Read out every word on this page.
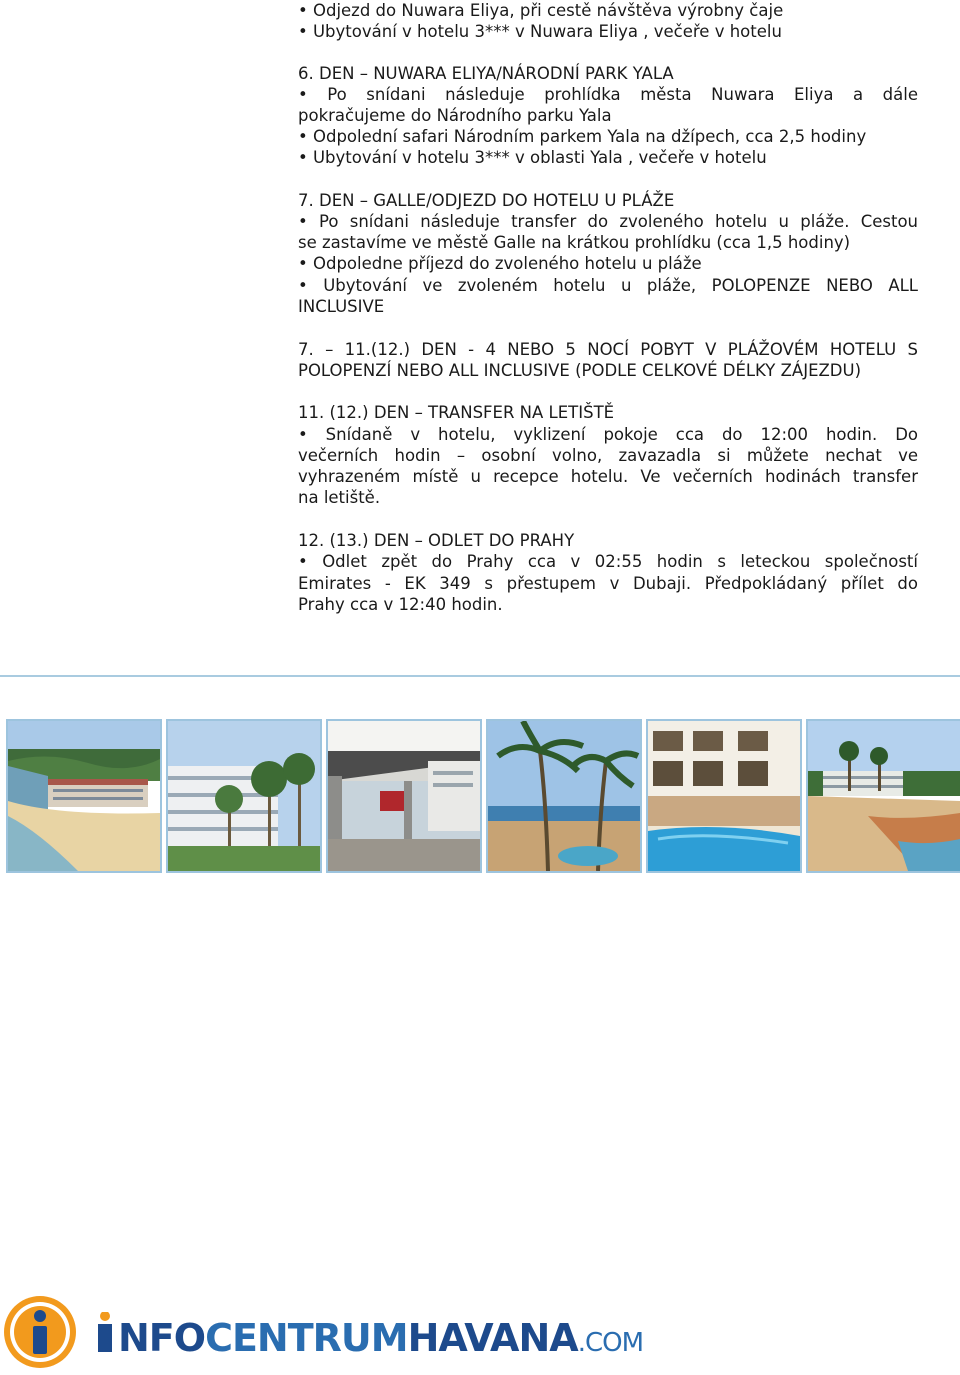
• Odjezd do Nuwara Eliya, při cestě návštěva výrobny čaje
• Ubytování v hotelu 3*** v Nuwara Eliya , večeře v hotelu
6. DEN – NUWARA ELIYA/NÁRODNÍ PARK YALA
• Po snídani následuje prohlídka města Nuwara Eliya a dále
pokračujeme do Národního parku Yala
• Odpolední safari Národním parkem Yala na džípech, cca 2,5 hodiny
• Ubytování v hotelu 3*** v oblasti Yala , večeře v hotelu
7. DEN – GALLE/ODJEZD DO HOTELU U PLÁŽE
• Po snídani následuje transfer do zvoleného hotelu u pláže. Cestou
se zastavíme ve městě Galle na krátkou prohlídku (cca 1,5 hodiny)
• Odpoledne příjezd do zvoleného hotelu u pláže
• Ubytování ve zvoleném hotelu u pláže, POLOPENZE NEBO ALL
INCLUSIVE
7. – 11.(12.) DEN - 4 NEBO 5 NOCÍ POBYT V PLÁŽOVÉM HOTELU S
POLOPENZÍ NEBO ALL INCLUSIVE (PODLE CELKOVÉ DÉLKY ZÁJEZDU)
11. (12.) DEN – TRANSFER NA LETIŠTĚ
• Snídaně v hotelu, vyklizení pokoje cca do 12:00 hodin. Do
večerních hodin – osobní volno, zavazadla si můžete nechat ve
vyhrazeném místě u recepce hotelu. Ve večerních hodinách transfer
na letiště.
12. (13.) DEN – ODLET DO PRAHY
• Odlet zpět do Prahy cca v 02:55 hodin s leteckou společností
Emirates - EK 349 s přestupem v Dubaji. Předpokládaný přílet do
Prahy cca v 12:40 hodin.
NFOCENTRUMHAVANA.COM
